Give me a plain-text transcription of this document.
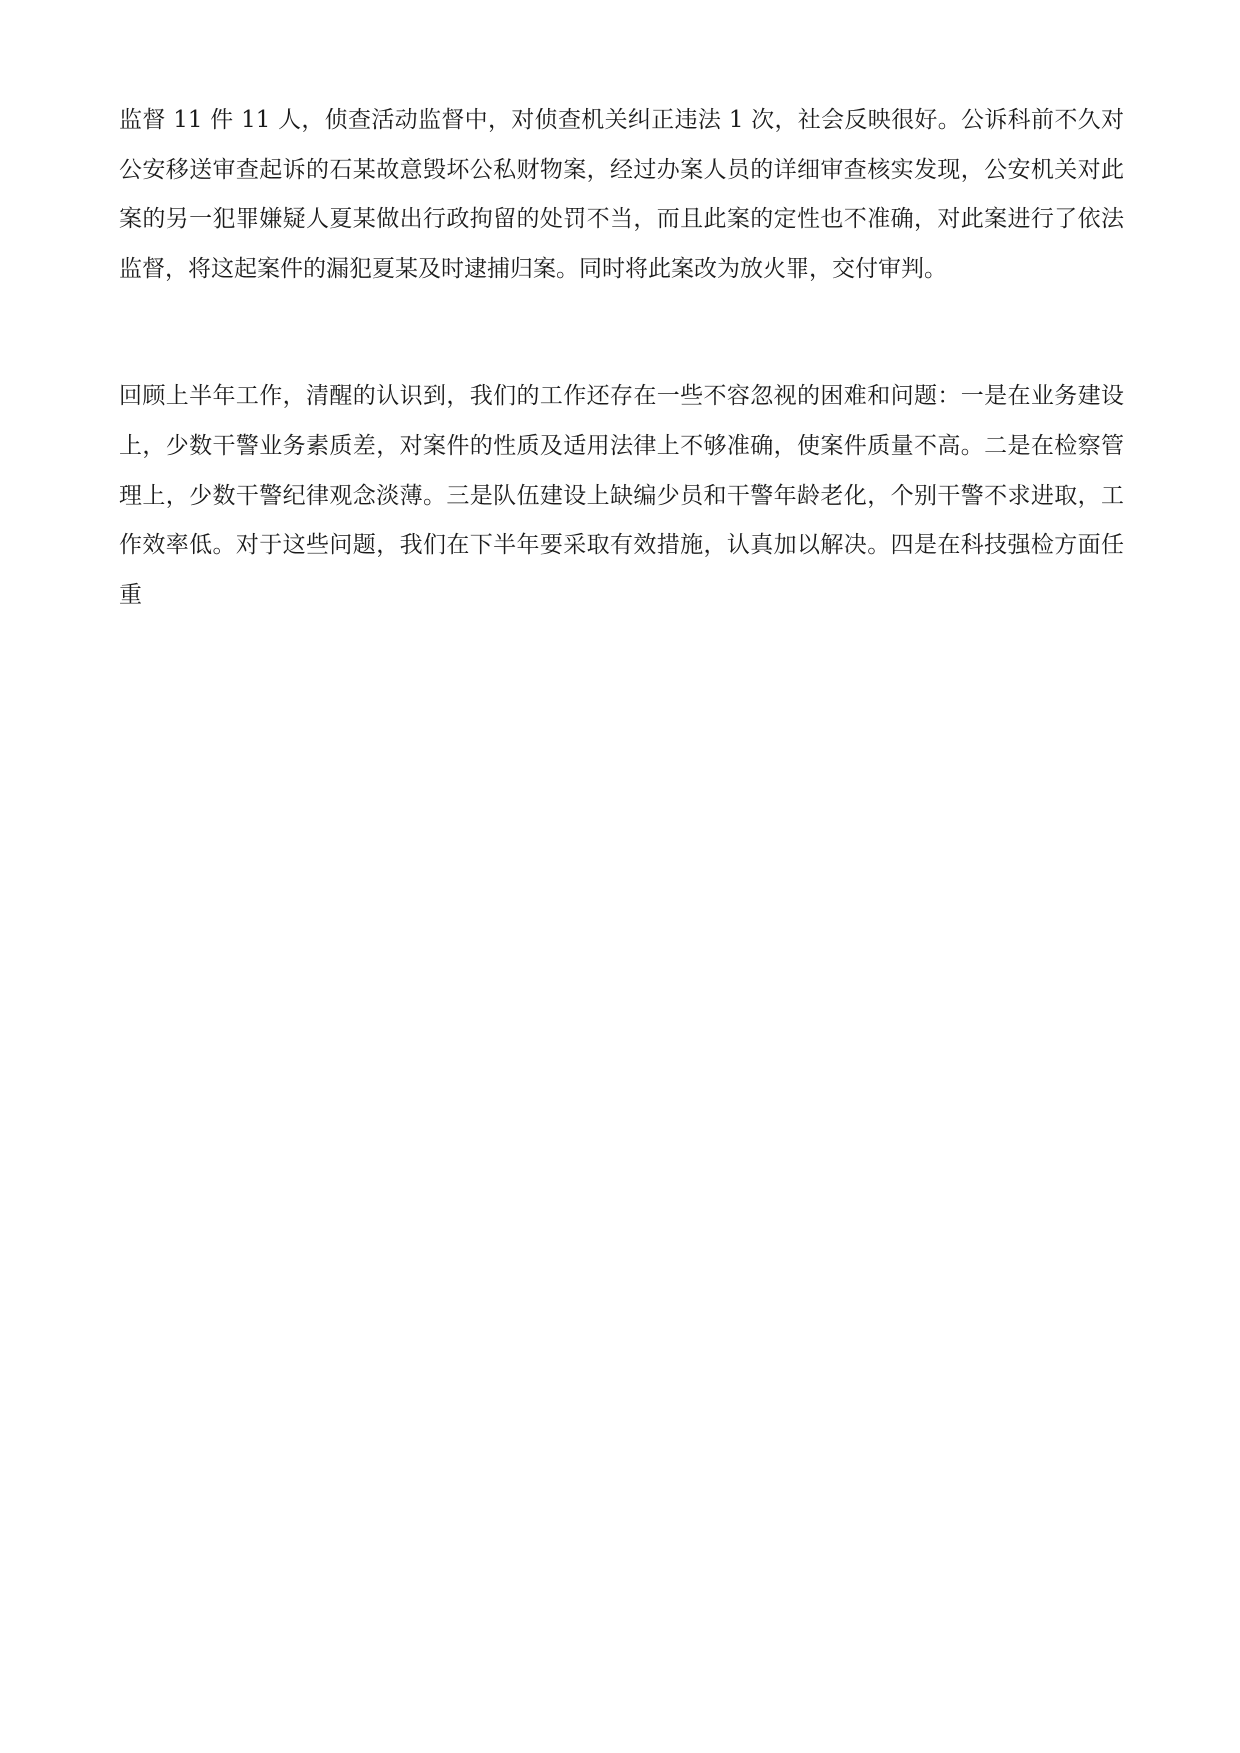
监督 11 件 11 人，侦查活动监督中，对侦查机关纠正违法 1 次，社会反映很好。公诉科前不久对公安移送审查起诉的石某故意毁坏公私财物案，经过办案人员的详细审查核实发现，公安机关对此案的另一犯罪嫌疑人夏某做出行政拘留的处罚不当，而且此案的定性也不准确，对此案进行了依法监督，将这起案件的漏犯夏某及时逮捕归案。同时将此案改为放火罪，交付审判。

回顾上半年工作，清醒的认识到，我们的工作还存在一些不容忽视的困难和问题：一是在业务建设上，少数干警业务素质差，对案件的性质及适用法律上不够准确，使案件质量不高。二是在检察管理上，少数干警纪律观念淡薄。三是队伍建设上缺编少员和干警年龄老化，个别干警不求进取，工作效率低。对于这些问题，我们在下半年要采取有效措施，认真加以解决。四是在科技强检方面任重
